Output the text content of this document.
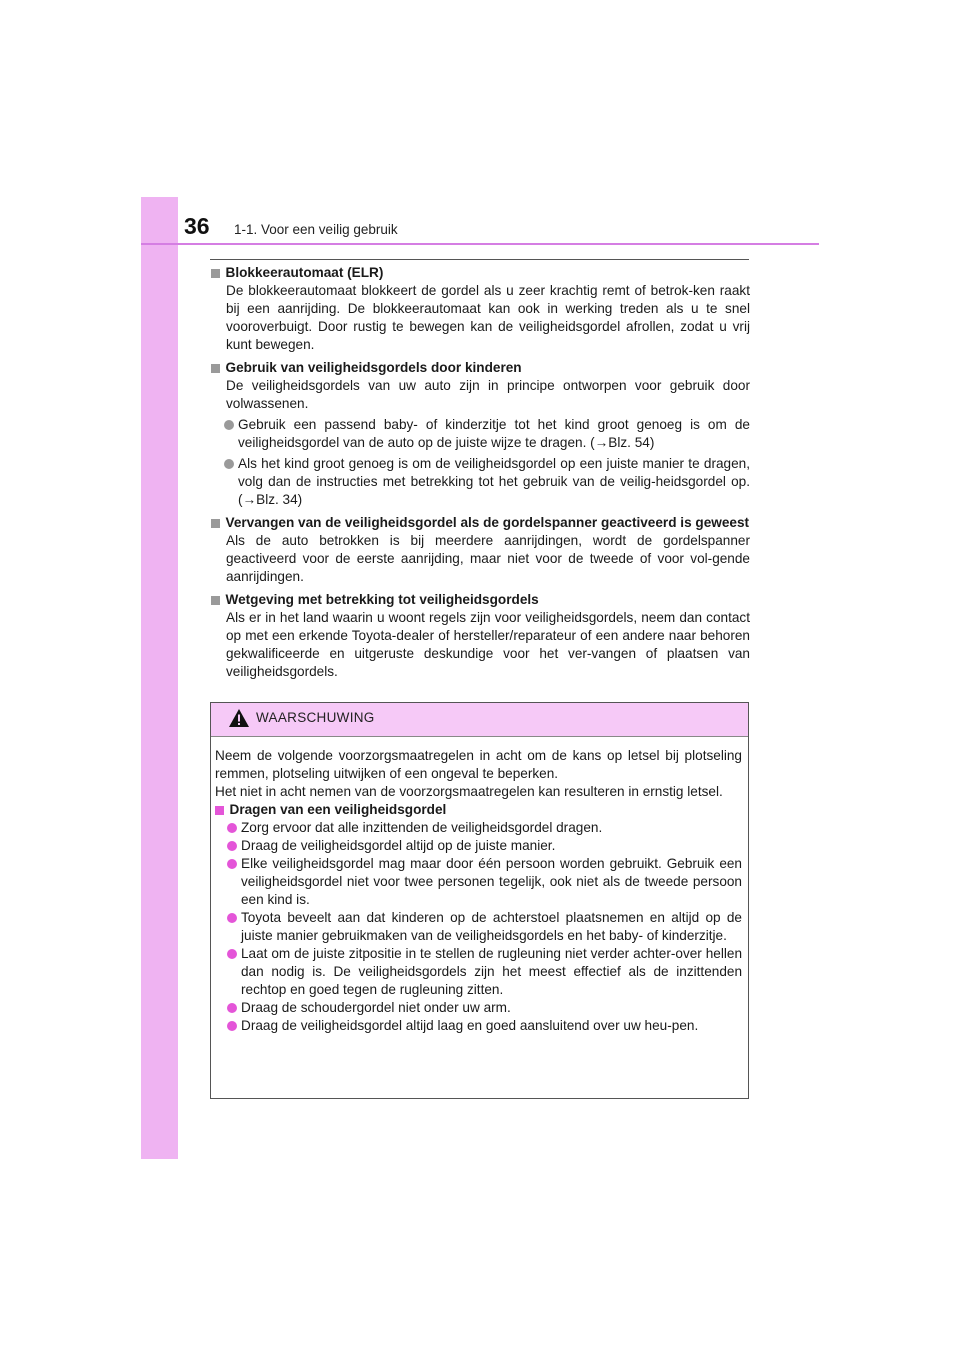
36 1-1. Voor een veilig gebruik
Blokkeerautomaat (ELR)
De blokkeerautomaat blokkeert de gordel als u zeer krachtig remt of betrok-ken raakt bij een aanrijding. De blokkeerautomaat kan ook in werking treden als u te snel vooroverbuigt. Door rustig te bewegen kan de veiligheidsgordel afrollen, zodat u vrij kunt bewegen.
Gebruik van veiligheidsgordels door kinderen
De veiligheidsgordels van uw auto zijn in principe ontworpen voor gebruik door volwassenen.
Gebruik een passend baby- of kinderzitje tot het kind groot genoeg is om de veiligheidsgordel van de auto op de juiste wijze te dragen. (→Blz. 54)
Als het kind groot genoeg is om de veiligheidsgordel op een juiste manier te dragen, volg dan de instructies met betrekking tot het gebruik van de veilig-heidsgordel op. (→Blz. 34)
Vervangen van de veiligheidsgordel als de gordelspanner geactiveerd is geweest
Als de auto betrokken is bij meerdere aanrijdingen, wordt de gordelspanner geactiveerd voor de eerste aanrijding, maar niet voor de tweede of voor vol-gende aanrijdingen.
Wetgeving met betrekking tot veiligheidsgordels
Als er in het land waarin u woont regels zijn voor veiligheidsgordels, neem dan contact op met een erkende Toyota-dealer of hersteller/reparateur of een andere naar behoren gekwalificeerde en uitgeruste deskundige voor het ver-vangen of plaatsen van veiligheidsgordels.
WAARSCHUWING
Neem de volgende voorzorgsmaatregelen in acht om de kans op letsel bij plotseling remmen, plotseling uitwijken of een ongeval te beperken.
Het niet in acht nemen van de voorzorgsmaatregelen kan resulteren in ernstig letsel.
Dragen van een veiligheidsgordel
Zorg ervoor dat alle inzittenden de veiligheidsgordel dragen.
Draag de veiligheidsgordel altijd op de juiste manier.
Elke veiligheidsgordel mag maar door één persoon worden gebruikt. Gebruik een veiligheidsgordel niet voor twee personen tegelijk, ook niet als de tweede persoon een kind is.
Toyota beveelt aan dat kinderen op de achterstoel plaatsnemen en altijd op de juiste manier gebruikmaken van de veiligheidsgordels en het baby- of kinderzitje.
Laat om de juiste zitpositie in te stellen de rugleuning niet verder achter-over hellen dan nodig is. De veiligheidsgordels zijn het meest effectief als de inzittenden rechtop en goed tegen de rugleuning zitten.
Draag de schoudergordel niet onder uw arm.
Draag de veiligheidsgordel altijd laag en goed aansluitend over uw heu-pen.
